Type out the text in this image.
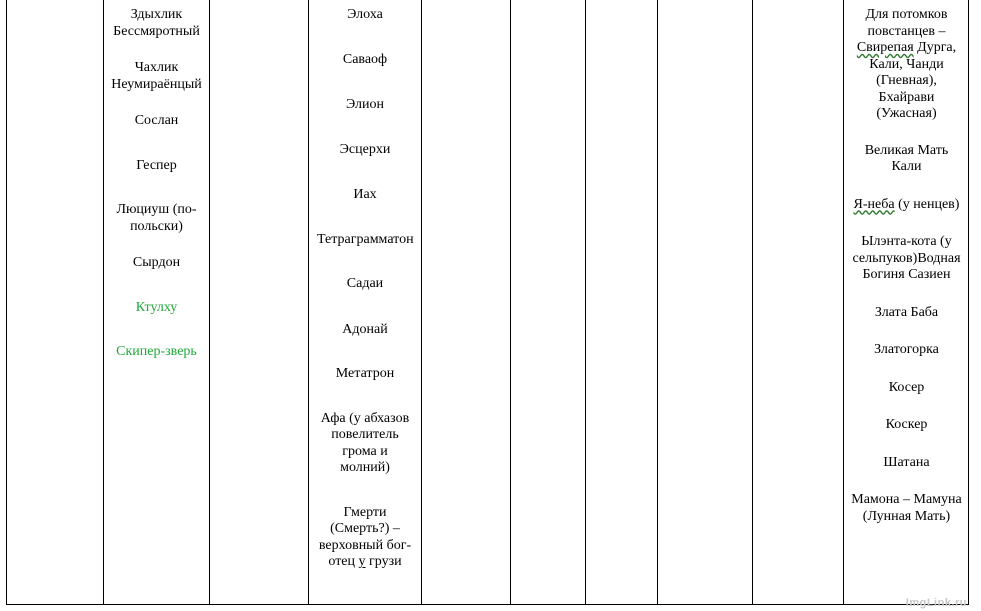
Здыхлик Бессмяротный
Чахлик Неумираёнцый
Сослан
Геспер
Люциуш (по-польски)
Сырдон
Ктулху
Скипер-зверь
Элоха
Саваоф
Элион
Эсцерхи
Иах
Тетраграмматон
Садаи
Адонай
Метатрон
Афа (у абхазов повелитель грома и молний)
Гмерти (Смерть?) – верховный бог-отец у грузи
Для потомков повстанцев – Свирепая Дурга, Кали, Чанди (Гневная), Бхайрави (Ужасная)
Великая Мать Кали
Я-неба (у ненцев)
Ылэнта-кота (у сельпуков)Водная Богиня Сазиен
Злата Баба
Златогорка
Косер
Коскер
Шатана
Мамона – Мамуна (Лунная Мать)
ImgLink.ru
